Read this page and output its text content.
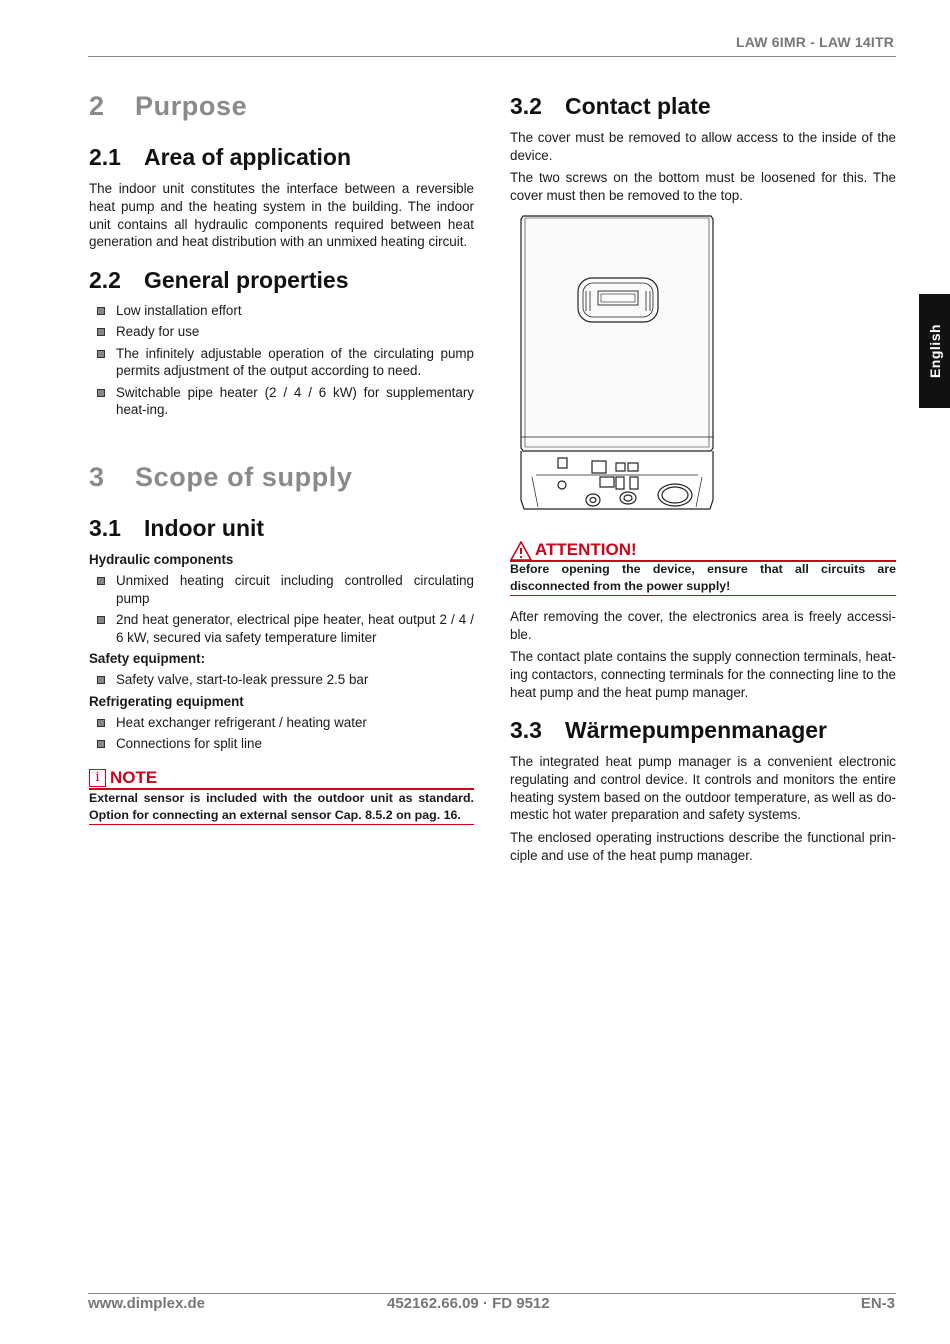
LAW 6IMR - LAW 14ITR
English
2 Purpose
2.1 Area of application

The indoor unit constitutes the interface between a reversible heat pump and the heating system in the building. The indoor unit contains all hydraulic components required between heat generation and heat distribution with an unmixed heating circuit.

2.2 General properties
Low installation effort
Ready for use
The infinitely adjustable operation of the circulating pump permits adjustment of the output according to need.
Switchable pipe heater (2 / 4 / 6 kW) for supplementary heat-ing.
3 Scope of supply
3.1 Indoor unit
Hydraulic components
Unmixed heating circuit including controlled circulating pump
2nd heat generator, electrical pipe heater, heat output 2 / 4 / 6 kW, secured via safety temperature limiter
Safety equipment:
Safety valve, start-to-leak pressure 2.5 bar
Refrigerating equipment
Heat exchanger refrigerant / heating water
Connections for split line
i NOTE
External sensor is included with the outdoor unit as standard. Option for connecting an external sensor Cap. 8.5.2 on pag. 16.
3.2 Contact plate

The cover must be removed to allow access to the inside of the device.

The two screws on the bottom must be loosened for this. The cover must then be removed to the top.

ATTENTION!
Before opening the device, ensure that all circuits are disconnected from the power supply!

After removing the cover, the electronics area is freely accessi-ble.

The contact plate contains the supply connection terminals, heat-ing contactors, connecting terminals for the connecting line to the heat pump and the heat pump manager.

3.3 Wärmepumpenmanager

The integrated heat pump manager is a convenient electronic regulating and control device. It controls and monitors the entire heating system based on the outdoor temperature, as well as do-mestic hot water preparation and safety systems.

The enclosed operating instructions describe the functional prin-ciple and use of the heat pump manager.

www.dimplex.de	452162.66.09 · FD 9512	EN-3
